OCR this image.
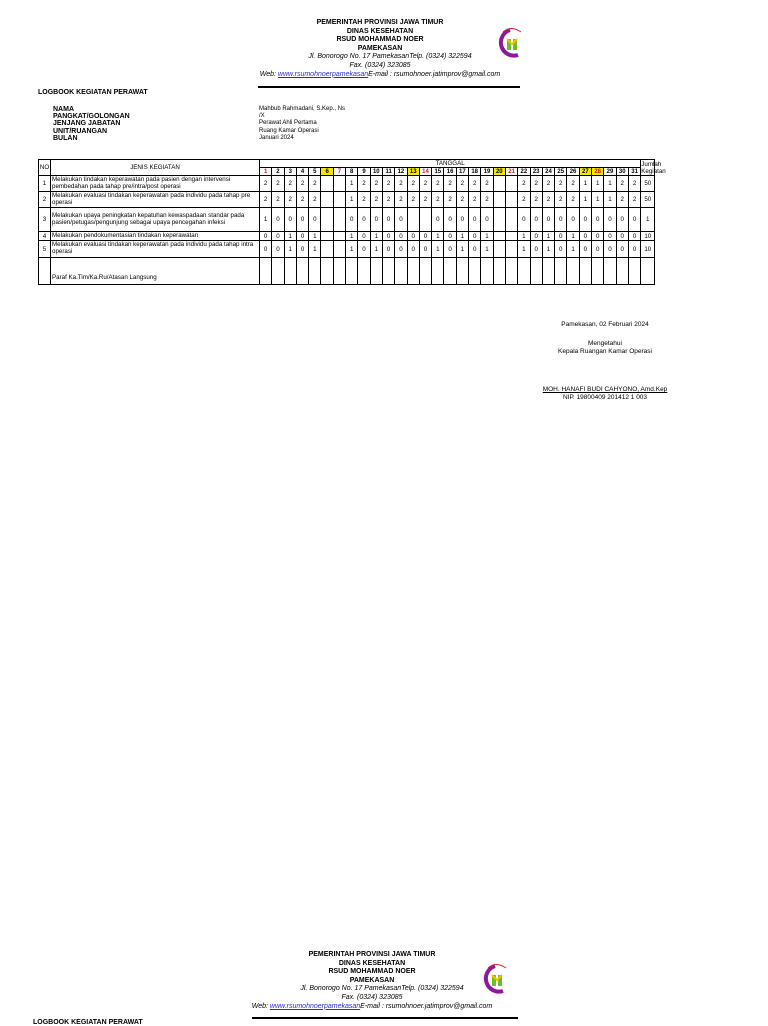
PEMERINTAH PROVINSI JAWA TIMUR
DINAS KESEHATAN
RSUD MOHAMMAD NOER
PAMEKASAN
Jl. Bonorogo No. 17 PamekasanTelp. (0324) 322594
Fax. (0324) 323085
Web: www.rsumohnoerpamekasanE-mail : rsumohnoer.jatimprov@gmail.com
LOGBOOK KEGIATAN PERAWAT
NAMA	Mahbub Rahmadani, S.Kep., Ns
PANGKAT/GOLONGAN	/X
JENJANG JABATAN	Perawat Ahli Pertama
UNIT/RUANGAN	Ruang Kamar Operasi
BULAN	Januari 2024
NO	JENIS KEGIATAN	TANGGAL																															Jumlah Kegiatan
		1	2	3	4	5	6	7	8	9	10	11	12	13	14	15	16	17	18	19	20	21	22	23	24	25	26	27	28	29	30	31	
1	Melakukan tindakan keperawatan pada pasien dengan intervensi pembedahan pada tahap pre/intra/post operasi	2	2	2	2	2			1	2	2	2	2	2	2	2	2	2	2	2			2	2	2	2	2	1	1	1	2	2	50
2	Melakukan evaluasi tindakan keperawatan pada individu pada tahap pre operasi	2	2	2	2	2			1	2	2	2	2	2	2	2	2	2	2	2			2	2	2	2	2	1	1	1	2	2	50
3	Melakukan upaya peningkatan kepatuhan kewaspadaan standar pada pasien/petugas/pengunjung sebagai upaya pencegahan infeksi	1	0	0	0	0			0	0	0	0	0			0	0	0	0	0			0	0	0	0	0	0	0	0	0	0	1
4	Melakukan pendokumentasian tindakan keperawatan	0	0	1	0	1			1	0	1	0	0	0	0	1	0	1	0	1			1	0	1	0	1	0	0	0	0	0	10
5	Melakukan evaluasi tindakan keperawatan pada individu pada tahap intra operasi	0	0	1	0	1			1	0	1	0	0	0	0	1	0	1	0	1			1	0	1	0	1	0	0	0	0	0	10
	Paraf Ka.Tim/Ka.Ru/Atasan Langsung																																
Pamekasan, 02 Februari 2024
Mengetahui
Kepala Ruangan Kamar Operasi
MOH. HANAFI BUDI CAHYONO, Amd.Kep
NIP. 19800409 201412 1 003
PEMERINTAH PROVINSI JAWA TIMUR
DINAS KESEHATAN
RSUD MOHAMMAD NOER
PAMEKASAN
Jl. Bonorogo No. 17 PamekasanTelp. (0324) 322594
Fax. (0324) 323085
Web: www.rsumohnoerpamekasanE-mail : rsumohnoer.jatimprov@gmail.com
LOGBOOK KEGIATAN PERAWAT
